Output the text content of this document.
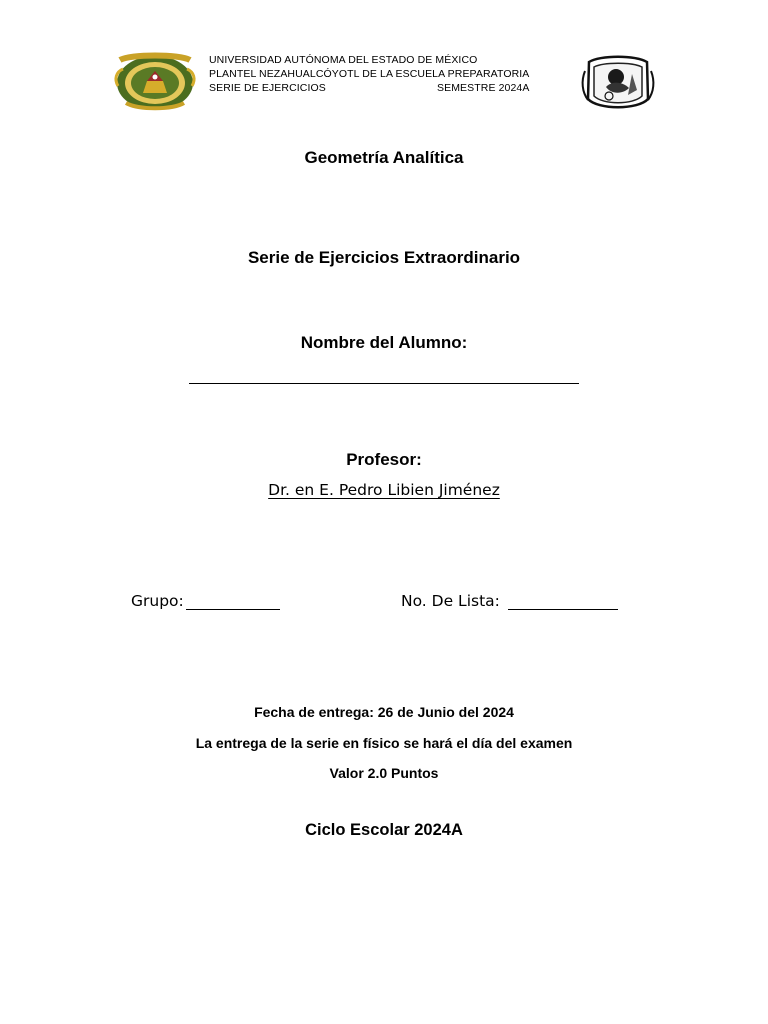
UNIVERSIDAD AUTÓNOMA DEL ESTADO DE MÉXICO
PLANTEL NEZAHUALCÓYOTL DE LA ESCUELA PREPARATORIA
SERIE DE EJERCICIOS	SEMESTRE 2024A
Geometría Analítica
Serie de Ejercicios Extraordinario
Nombre del Alumno:
Profesor:
Dr. en E. Pedro Libien Jiménez
Grupo:	No. De Lista:
Fecha de entrega: 26 de Junio del 2024
La entrega de la serie en físico se hará el día del examen
Valor 2.0 Puntos
Ciclo Escolar 2024A
